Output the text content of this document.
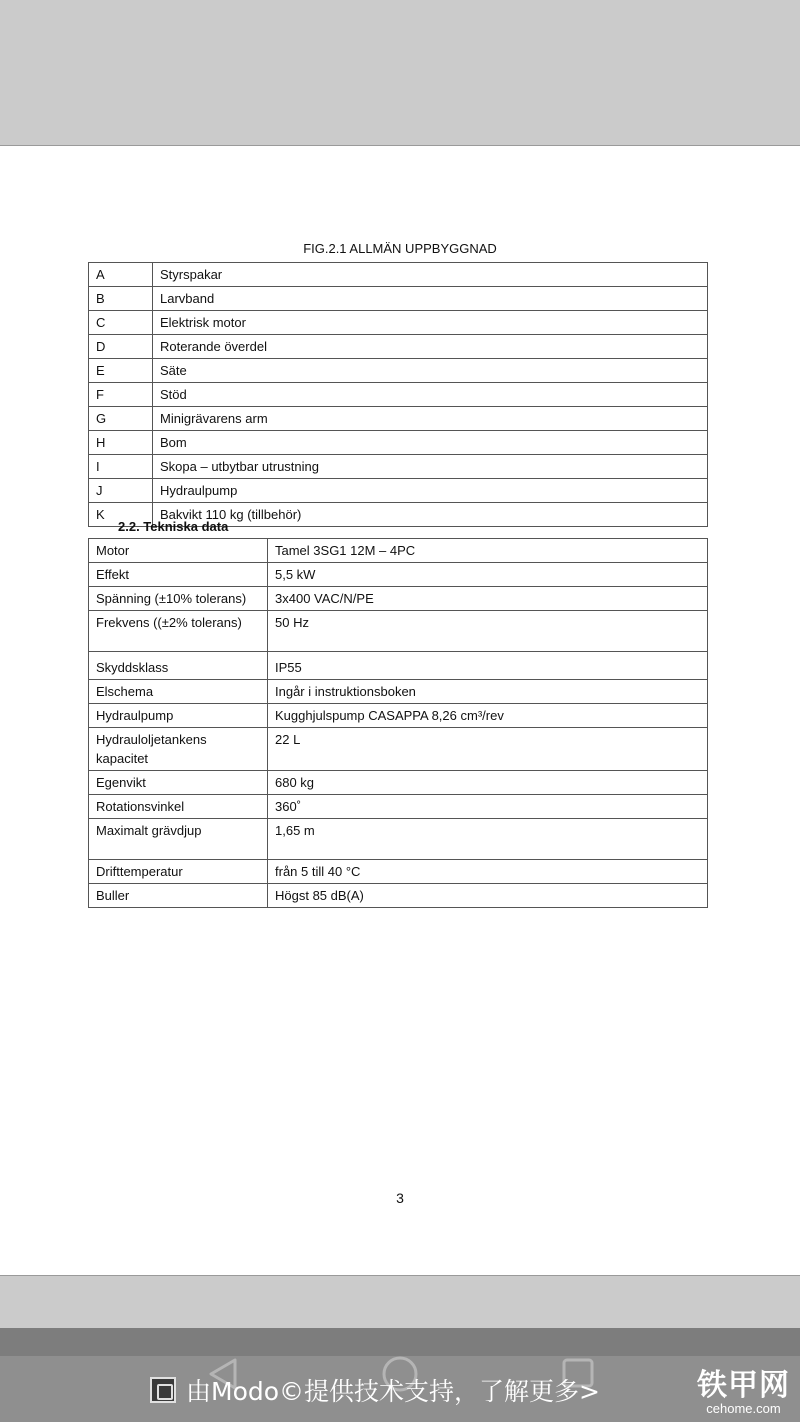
FIG.2.1 ALLMÄN UPPBYGGNAD
A	Styrspakar
B	Larvband
C	Elektrisk motor
D	Roterande överdel
E	Säte
F	Stöd
G	Minigrävarens arm
H	Bom
I	Skopa – utbytbar utrustning
J	Hydraulpump
K	Bakvikt 110 kg (tillbehör)
2.2. Tekniska data
Motor	Tamel 3SG1 12M – 4PC
Effekt	5,5 kW
Spänning (±10% tolerans)	3x400 VAC/N/PE
Frekvens ((±2% tolerans)	50 Hz
Skyddsklass	IP55
Elschema	Ingår i instruktionsboken
Hydraulpump	Kugghjulspump CASAPPA 8,26 cm³/rev
Hydrauloljetankens kapacitet	22 L
Egenvikt	680 kg
Rotationsvinkel	360˚
Maximalt grävdjup	1,65 m
Drifttemperatur	från 5 till 40 °C
Buller	Högst 85 dB(A)
3
由Modo©提供技术支持，了解更多>	铁甲网
cehome.com
